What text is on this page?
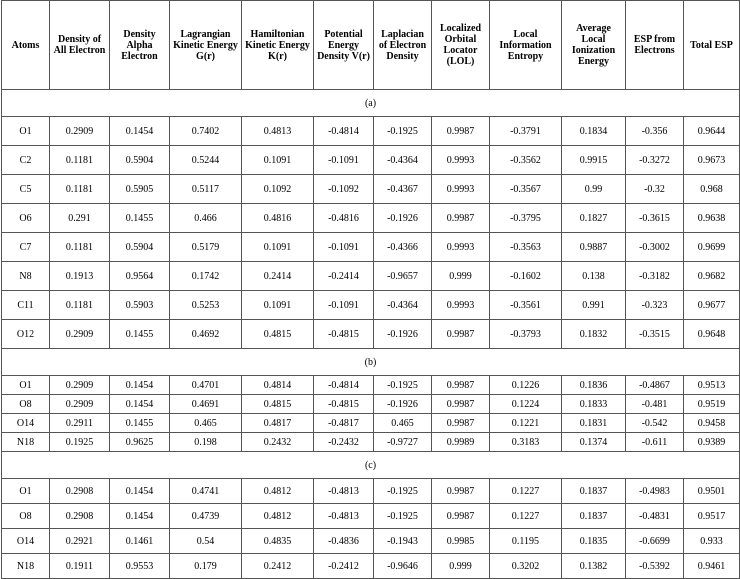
Atoms	Density of All Electron	Density Alpha Electron	Lagrangian Kinetic Energy G(r)	Hamiltonian Kinetic Energy K(r)	Potential Energy Density V(r)	Laplacian of Electron Density	Localized Orbital Locator (LOL)	Local Information Entropy	Average Local Ionization Energy	ESP from Electrons	Total ESP
(a)											
O1	0.2909	0.1454	0.7402	0.4813	-0.4814	-0.1925	0.9987	-0.3791	0.1834	-0.356	0.9644
C2	0.1181	0.5904	0.5244	0.1091	-0.1091	-0.4364	0.9993	-0.3562	0.9915	-0.3272	0.9673
C5	0.1181	0.5905	0.5117	0.1092	-0.1092	-0.4367	0.9993	-0.3567	0.99	-0.32	0.968
O6	0.291	0.1455	0.466	0.4816	-0.4816	-0.1926	0.9987	-0.3795	0.1827	-0.3615	0.9638
C7	0.1181	0.5904	0.5179	0.1091	-0.1091	-0.4366	0.9993	-0.3563	0.9887	-0.3002	0.9699
N8	0.1913	0.9564	0.1742	0.2414	-0.2414	-0.9657	0.999	-0.1602	0.138	-0.3182	0.9682
C11	0.1181	0.5903	0.5253	0.1091	-0.1091	-0.4364	0.9993	-0.3561	0.991	-0.323	0.9677
O12	0.2909	0.1455	0.4692	0.4815	-0.4815	-0.1926	0.9987	-0.3793	0.1832	-0.3515	0.9648
(b)											
O1	0.2909	0.1454	0.4701	0.4814	-0.4814	-0.1925	0.9987	0.1226	0.1836	-0.4867	0.9513
O8	0.2909	0.1454	0.4691	0.4815	-0.4815	-0.1926	0.9987	0.1224	0.1833	-0.481	0.9519
O14	0.2911	0.1455	0.465	0.4817	-0.4817	0.465	0.9987	0.1221	0.1831	-0.542	0.9458
N18	0.1925	0.9625	0.198	0.2432	-0.2432	-0.9727	0.9989	0.3183	0.1374	-0.611	0.9389
(c)											
O1	0.2908	0.1454	0.4741	0.4812	-0.4813	-0.1925	0.9987	0.1227	0.1837	-0.4983	0.9501
O8	0.2908	0.1454	0.4739	0.4812	-0.4813	-0.1925	0.9987	0.1227	0.1837	-0.4831	0.9517
O14	0.2921	0.1461	0.54	0.4835	-0.4836	-0.1943	0.9985	0.1195	0.1835	-0.6699	0.933
N18	0.1911	0.9553	0.179	0.2412	-0.2412	-0.9646	0.999	0.3202	0.1382	-0.5392	0.9461
